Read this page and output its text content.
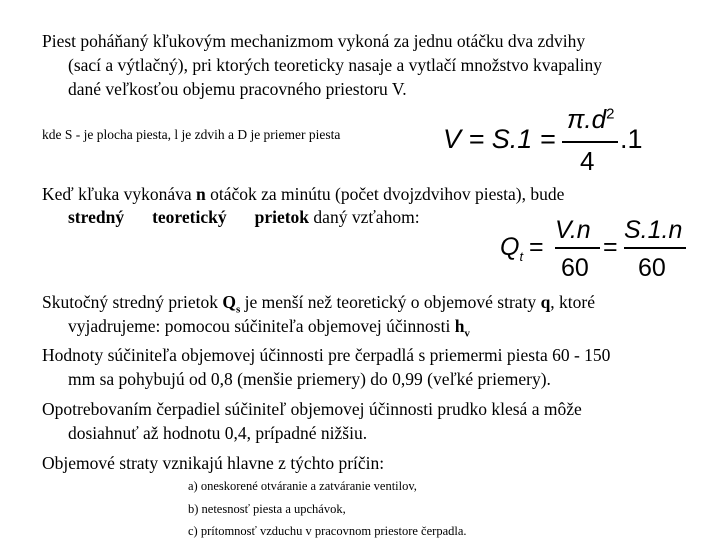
Piest poháňaný kľukovým mechanizmom vykoná za jednu otáčku dva zdvihy
(sací a výtlačný), pri ktorých teoreticky nasaje a vytlačí množstvo kvapaliny
dané veľkosťou objemu pracovného priestoru V.
kde S - je plocha piesta, l je zdvih a D je priemer piesta	V = S.1 =
$\pi.d^2$
4
.1
Keď kľuka vykonáva n otáčok za minútu (počet dvojzdvihov piesta), bude
stredný teoretický prietok daný vzťahom:
$Q_t$ =
V.n
60
=
S.1.n
60
Skutočný stredný prietok $Q_s$ je menší než teoretický o objemové straty q, ktoré
vyjadrujeme: pomocou súčiniteľa objemovej účinnosti $h_v$
Hodnoty súčiniteľa objemovej účinnosti pre čerpadlá s priemermi piesta 60 - 150
mm sa pohybujú od 0,8 (menšie priemery) do 0,99 (veľké priemery).
Opotrebovaním čerpadiel súčiniteľ objemovej účinnosti prudko klesá a môže
dosiahnuť až hodnotu 0,4, prípadné nižšiu.
Objemové straty vznikajú hlavne z týchto príčin:
a) oneskorené otváranie a zatváranie ventilov,
b) netesnosť piesta a upchávok,
c) prítomnosť vzduchu v pracovnom priestore čerpadla.
